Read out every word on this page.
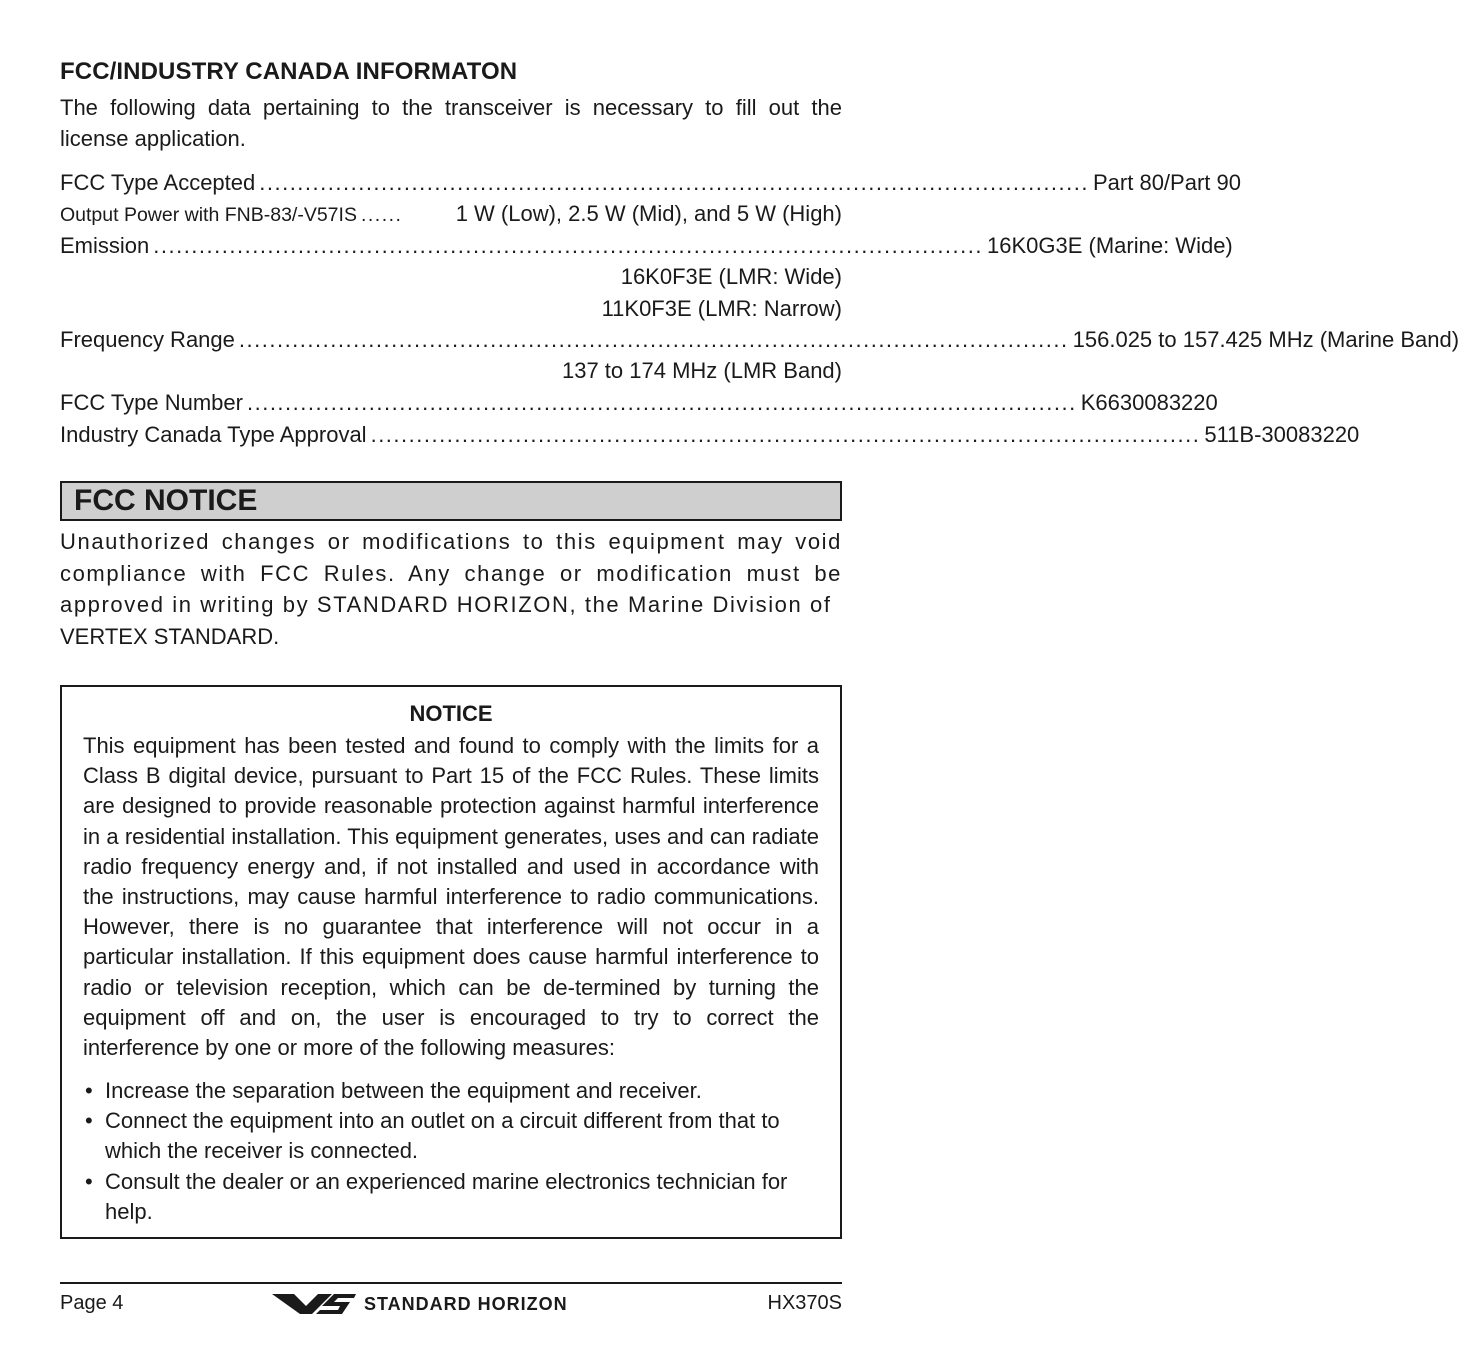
FCC/INDUSTRY CANADA INFORMATON
The following data pertaining to the transceiver is necessary to fill out the license application.
FCC Type Accepted ............................................................................................................. Part 80/Part 90
Output Power with FNB-83/-V57IS ......	1 W (Low), 2.5 W (Mid), and 5 W (High)
Emission ............................................................................................................. 16K0G3E (Marine: Wide)
16K0F3E (LMR: Wide)
11K0F3E (LMR: Narrow)
Frequency Range ............................................................................................................. 156.025 to 157.425 MHz (Marine Band)
137 to 174 MHz (LMR Band)
FCC Type Number ............................................................................................................. K6630083220
Industry Canada Type Approval ............................................................................................................. 511B-30083220
FCC NOTICE
Unauthorized changes or modifications to this equipment may void compliance with FCC Rules. Any change or modification must be approved in writing by STANDARD HORIZON, the Marine Division of
VERTEX STANDARD.
NOTICE
This equipment has been tested and found to comply with the limits for a Class B digital device, pursuant to Part 15 of the FCC Rules. These limits are designed to provide reasonable protection against harmful interference in a residential installation. This equipment generates, uses and can radiate radio frequency energy and, if not installed and used in accordance with the instructions, may cause harmful interference to radio communications. However, there is no guarantee that interference will not occur in a particular installation. If this equipment does cause harmful interference to radio or television reception, which can be de-termined by turning the equipment off and on, the user is encouraged to try to correct the interference by one or more of the following measures:
• Increase the separation between the equipment and receiver.
• Connect the equipment into an outlet on a circuit different from that to which the receiver is connected.
• Consult the dealer or an experienced marine electronics technician for help.
Page 4	STANDARD HORIZON	HX370S
